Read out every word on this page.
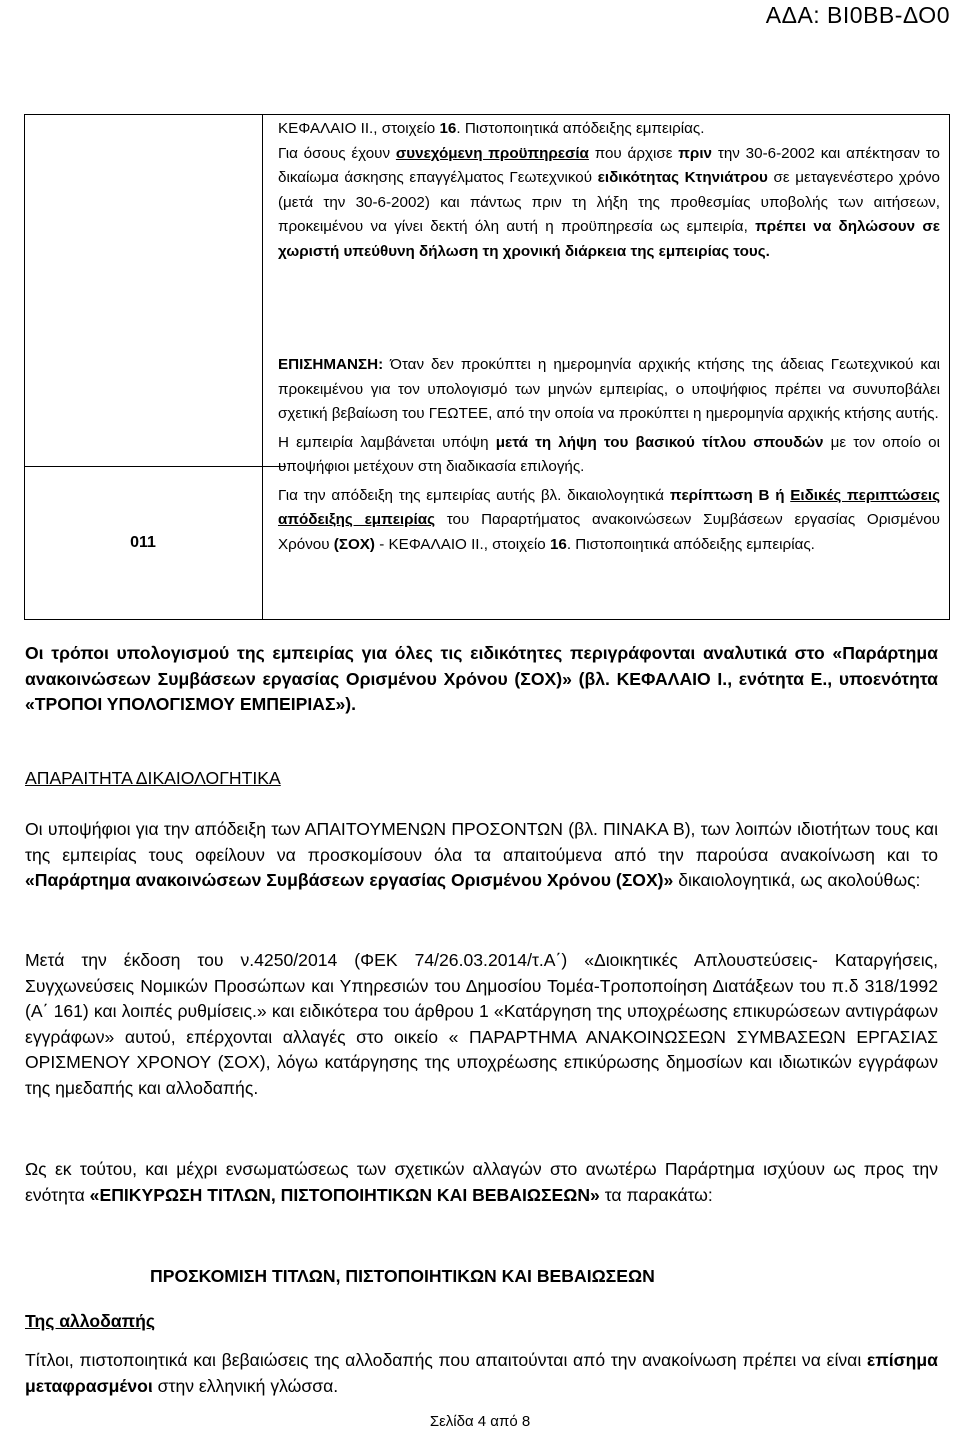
ΑΔΑ: ΒΙ0ΒΒ-ΔΟ0

ΚΕΦΑΛΑΙΟ ΙΙ., στοιχείο 16. Πιστοποιητικά απόδειξης εμπειρίας.

Για όσους έχουν συνεχόμενη προϋπηρεσία που άρχισε πριν την 30-6-2002 και απέκτησαν το δικαίωμα άσκησης επαγγέλματος Γεωτεχνικού ειδικότητας Κτηνιάτρου σε μεταγενέστερο χρόνο (μετά την 30-6-2002) και πάντως πριν τη λήξη της προθεσμίας υποβολής των αιτήσεων, προκειμένου να γίνει δεκτή όλη αυτή η προϋπηρεσία ως εμπειρία, πρέπει να δηλώσουν σε χωριστή υπεύθυνη δήλωση τη χρονική διάρκεια της εμπειρίας τους.

011

ΕΠΙΣΗΜΑΝΣΗ: Όταν δεν προκύπτει η ημερομηνία αρχικής κτήσης της άδειας Γεωτεχνικού και προκειμένου για τον υπολογισμό των μηνών εμπειρίας, ο υποψήφιος πρέπει να συνυποβάλει σχετική βεβαίωση του ΓΕΩΤΕΕ, από την οποία να προκύπτει η ημερομηνία αρχικής κτήσης αυτής.

Η εμπειρία λαμβάνεται υπόψη μετά τη λήψη του βασικού τίτλου σπουδών με τον οποίο οι υποψήφιοι μετέχουν στη διαδικασία επιλογής.

Για την απόδειξη της εμπειρίας αυτής βλ. δικαιολογητικά περίπτωση Β ή Ειδικές περιπτώσεις απόδειξης εμπειρίας του Παραρτήματος ανακοινώσεων Συμβάσεων εργασίας Ορισμένου Χρόνου (ΣΟΧ) - ΚΕΦΑΛΑΙΟ ΙΙ., στοιχείο 16. Πιστοποιητικά απόδειξης εμπειρίας.

Οι τρόποι υπολογισμού της εμπειρίας για όλες τις ειδικότητες περιγράφονται αναλυτικά στο «Παράρτημα ανακοινώσεων Συμβάσεων εργασίας Ορισμένου Χρόνου (ΣΟΧ)» (βλ. ΚΕΦΑΛΑΙΟ Ι., ενότητα Ε., υποενότητα «ΤΡΟΠΟΙ ΥΠΟΛΟΓΙΣΜΟΥ ΕΜΠΕΙΡΙΑΣ»).
ΑΠΑΡΑΙΤΗΤΑ ΔΙΚΑΙΟΛΟΓΗΤΙΚΑ

Οι υποψήφιοι για την απόδειξη των ΑΠΑΙΤΟΥΜΕΝΩΝ ΠΡΟΣΟΝΤΩΝ (βλ. ΠΙΝΑΚΑ Β), των λοιπών ιδιοτήτων τους και της εμπειρίας τους οφείλουν να προσκομίσουν όλα τα απαιτούμενα από την παρούσα ανακοίνωση και το «Παράρτημα ανακοινώσεων Συμβάσεων εργασίας Ορισμένου Χρόνου (ΣΟΧ)» δικαιολογητικά, ως ακολούθως:

Μετά την έκδοση του ν.4250/2014 (ΦΕΚ 74/26.03.2014/τ.Α΄) «Διοικητικές Απλουστεύσεις- Καταργήσεις, Συγχωνεύσεις Νομικών Προσώπων και Υπηρεσιών του Δημοσίου Τομέα-Τροποποίηση Διατάξεων του π.δ 318/1992 (Α΄ 161) και λοιπές ρυθμίσεις.» και ειδικότερα του άρθρου 1 «Κατάργηση της υποχρέωσης επικυρώσεων αντιγράφων εγγράφων» αυτού, επέρχονται αλλαγές στο οικείο « ΠΑΡΑΡΤΗΜΑ ΑΝΑΚΟΙΝΩΣΕΩΝ ΣΥΜΒΑΣΕΩΝ ΕΡΓΑΣΙΑΣ ΟΡΙΣΜΕΝΟΥ ΧΡΟΝΟΥ (ΣΟΧ), λόγω κατάργησης της υποχρέωσης επικύρωσης δημοσίων και ιδιωτικών εγγράφων της ημεδαπής και αλλοδαπής.

Ως εκ τούτου, και μέχρι ενσωματώσεως των σχετικών αλλαγών στο ανωτέρω Παράρτημα ισχύουν ως προς την ενότητα «ΕΠΙΚΥΡΩΣΗ ΤΙΤΛΩΝ, ΠΙΣΤΟΠΟΙΗΤΙΚΩΝ ΚΑΙ ΒΕΒΑΙΩΣΕΩΝ» τα παρακάτω:

ΠΡΟΣΚΟΜΙΣΗ ΤΙΤΛΩΝ, ΠΙΣΤΟΠΟΙΗΤΙΚΩΝ ΚΑΙ ΒΕΒΑΙΩΣΕΩΝ
Της αλλοδαπής

Τίτλοι, πιστοποιητικά και βεβαιώσεις της αλλοδαπής που απαιτούνται από την ανακοίνωση πρέπει να είναι επίσημα μεταφρασμένοι στην ελληνική γλώσσα.

Σελίδα 4 από 8
